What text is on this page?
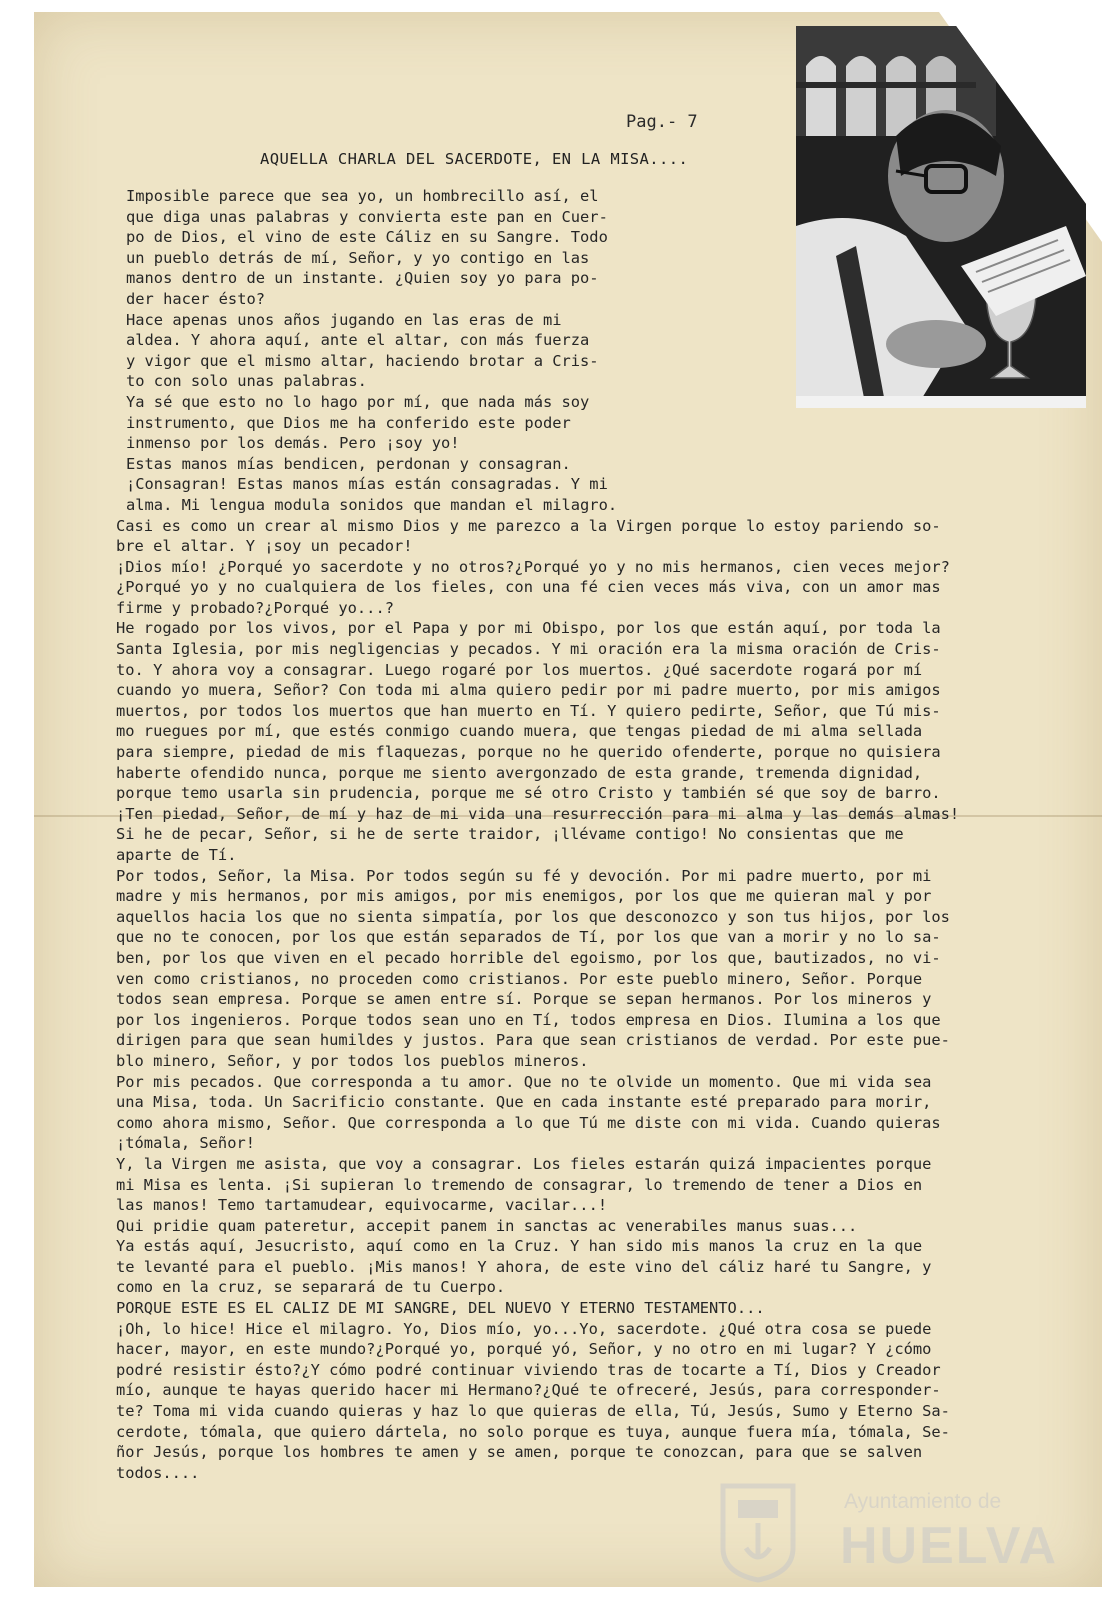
Pag.- 7
AQUELLA CHARLA DEL SACERDOTE, EN LA MISA....
Imposible parece que sea yo, un hombrecillo así, el
que diga unas palabras y convierta este pan en Cuer-
po de Dios, el vino de este Cáliz en su Sangre. Todo
un pueblo detrás de mí, Señor, y yo contigo en las
manos dentro de un instante. ¿Quien soy yo para po-
der hacer ésto?
Hace apenas unos años jugando en las eras de mi
aldea. Y ahora aquí, ante el altar, con más fuerza
y vigor que el mismo altar, haciendo brotar a Cris-
to con solo unas palabras.
Ya sé que esto no lo hago por mí, que nada más soy
instrumento, que Dios me ha conferido este poder
inmenso por los demás. Pero ¡soy yo!
Estas manos mías bendicen, perdonan y consagran.
¡Consagran! Estas manos mías están consagradas. Y mi
alma. Mi lengua modula sonidos que mandan el milagro.
Casi es como un crear al mismo Dios y me parezco a la Virgen porque lo estoy pariendo so-
bre el altar. Y ¡soy un pecador!
¡Dios mío! ¿Porqué yo sacerdote y no otros?¿Porqué yo y no mis hermanos, cien veces mejor?
¿Porqué yo y no cualquiera de los fieles, con una fé cien veces más viva, con un amor mas
firme y probado?¿Porqué yo...?
He rogado por los vivos, por el Papa y por mi Obispo, por los que están aquí, por toda la
Santa Iglesia, por mis negligencias y pecados. Y mi oración era la misma oración de Cris-
to. Y ahora voy a consagrar. Luego rogaré por los muertos. ¿Qué sacerdote rogará por mí
cuando yo muera, Señor? Con toda mi alma quiero pedir por mi padre muerto, por mis amigos
muertos, por todos los muertos que han muerto en Tí. Y quiero pedirte, Señor, que Tú mis-
mo ruegues por mí, que estés conmigo cuando muera, que tengas piedad de mi alma sellada
para siempre, piedad de mis flaquezas, porque no he querido ofenderte, porque no quisiera
haberte ofendido nunca, porque me siento avergonzado de esta grande, tremenda dignidad,
porque temo usarla sin prudencia, porque me sé otro Cristo y también sé que soy de barro.
¡Ten piedad, Señor, de mí y haz de mi vida una resurrección para mi alma y las demás almas!
Si he de pecar, Señor, si he de serte traidor, ¡llévame contigo! No consientas que me
aparte de Tí.
Por todos, Señor, la Misa. Por todos según su fé y devoción. Por mi padre muerto, por mi
madre y mis hermanos, por mis amigos, por mis enemigos, por los que me quieran mal y por
aquellos hacia los que no sienta simpatía, por los que desconozco y son tus hijos, por los
que no te conocen, por los que están separados de Tí, por los que van a morir y no lo sa-
ben, por los que viven en el pecado horrible del egoismo, por los que, bautizados, no vi-
ven como cristianos, no proceden como cristianos. Por este pueblo minero, Señor. Porque
todos sean empresa. Porque se amen entre sí. Porque se sepan hermanos. Por los mineros y
por los ingenieros. Porque todos sean uno en Tí, todos empresa en Dios. Ilumina a los que
dirigen para que sean humildes y justos. Para que sean cristianos de verdad. Por este pue-
blo minero, Señor, y por todos los pueblos mineros.
Por mis pecados. Que corresponda a tu amor. Que no te olvide un momento. Que mi vida sea
una Misa, toda. Un Sacrificio constante. Que en cada instante esté preparado para morir,
como ahora mismo, Señor. Que corresponda a lo que Tú me diste con mi vida. Cuando quieras
¡tómala, Señor!
Y, la Virgen me asista, que voy a consagrar. Los fieles estarán quizá impacientes porque
mi Misa es lenta. ¡Si supieran lo tremendo de consagrar, lo tremendo de tener a Dios en
las manos! Temo tartamudear, equivocarme, vacilar...!
Qui pridie quam pateretur, accepit panem in sanctas ac venerabiles manus suas...
Ya estás aquí, Jesucristo, aquí como en la Cruz. Y han sido mis manos la cruz en la que
te levanté para el pueblo. ¡Mis manos! Y ahora, de este vino del cáliz haré tu Sangre, y
como en la cruz, se separará de tu Cuerpo.
PORQUE ESTE ES EL CALIZ DE MI SANGRE, DEL NUEVO Y ETERNO TESTAMENTO...
¡Oh, lo hice! Hice el milagro. Yo, Dios mío, yo...Yo, sacerdote. ¿Qué otra cosa se puede
hacer, mayor, en este mundo?¿Porqué yo, porqué yó, Señor, y no otro en mi lugar? Y ¿cómo
podré resistir ésto?¿Y cómo podré continuar viviendo tras de tocarte a Tí, Dios y Creador
mío, aunque te hayas querido hacer mi Hermano?¿Qué te ofreceré, Jesús, para corresponder-
te? Toma mi vida cuando quieras y haz lo que quieras de ella, Tú, Jesús, Sumo y Eterno Sa-
cerdote, tómala, que quiero dártela, no solo porque es tuya, aunque fuera mía, tómala, Se-
ñor Jesús, porque los hombres te amen y se amen, porque te conozcan, para que se salven
todos....
Ayuntamiento de
HUELVA
